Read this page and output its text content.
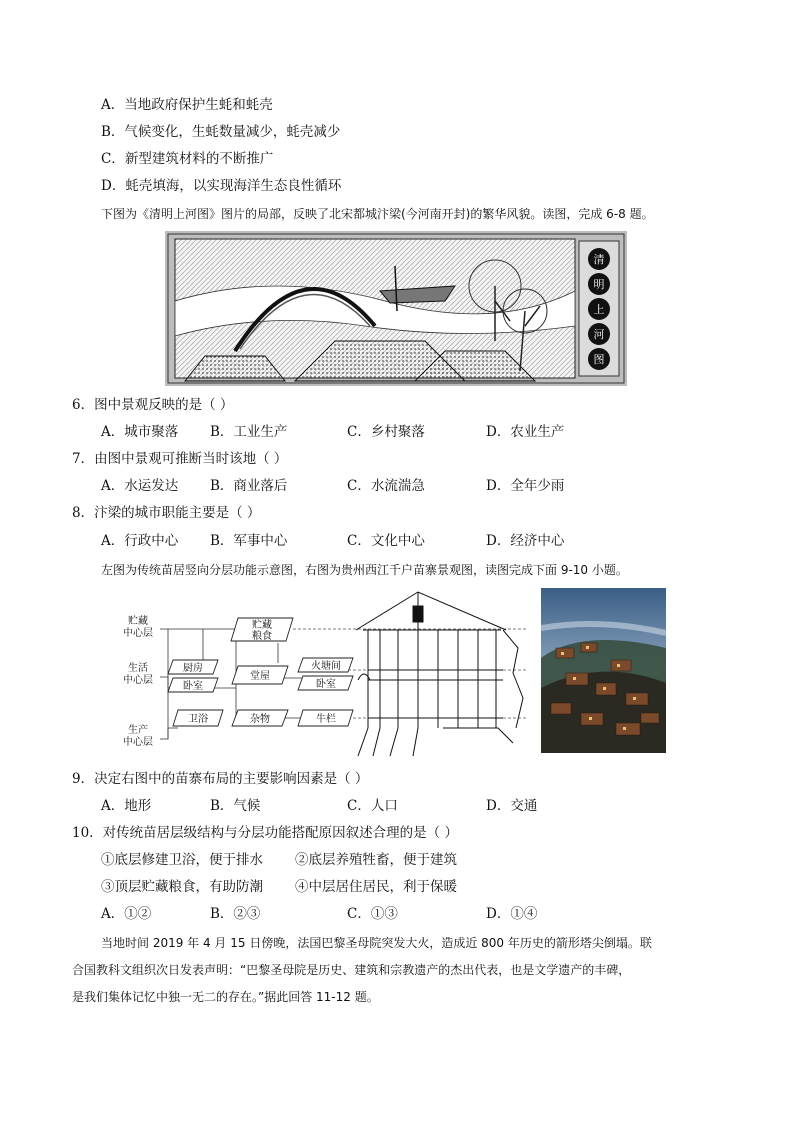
A．当地政府保护生蚝和蚝壳
B．气候变化，生蚝数量减少，蚝壳减少
C．新型建筑材料的不断推广
D．蚝壳填海，以实现海洋生态良性循环
下图为《清明上河图》图片的局部，反映了北宋都城汴梁(今河南开封)的繁华风貌。读图，完成 6-8 题。
清
明
上
河
图
6．图中景观反映的是（ ）
A．城市聚落 B．工业生产	C．乡村聚落	D．农业生产
7．由图中景观可推断当时该地（ ）
A．水运发达 B．商业落后	C．水流湍急	D．全年少雨
8．汴梁的城市职能主要是（ ）
A．行政中心 B．军事中心	C．文化中心	D．经济中心
左图为传统苗居竖向分层功能示意图，右图为贵州西江千户苗寨景观图，读图完成下面 9-10 小题。
贮藏
中心层
生活
中心层
生产
中心层
贮藏
粮食
厨房
卧室
堂屋
火塘间
卧室
卫浴	杂物	牛栏
9．决定右图中的苗寨布局的主要影响因素是（ ）
A．地形	B．气候	C．人口	D．交通
10．对传统苗居层级结构与分层功能搭配原因叙述合理的是（ ）
①底层修建卫浴，便于排水 ②底层养殖牲畜，便于建筑
③顶层贮藏粮食，有助防潮 ④中层居住居民，利于保暖
A．①②	B．②③	C．①③	D．①④
当地时间 2019 年 4 月 15 日傍晚，法国巴黎圣母院突发大火，造成近 800 年历史的箭形塔尖倒塌。联
合国教科文组织次日发表声明：“巴黎圣母院是历史、建筑和宗教遗产的杰出代表，也是文学遗产的丰碑，
是我们集体记忆中独一无二的存在。”据此回答 11-12 题。
